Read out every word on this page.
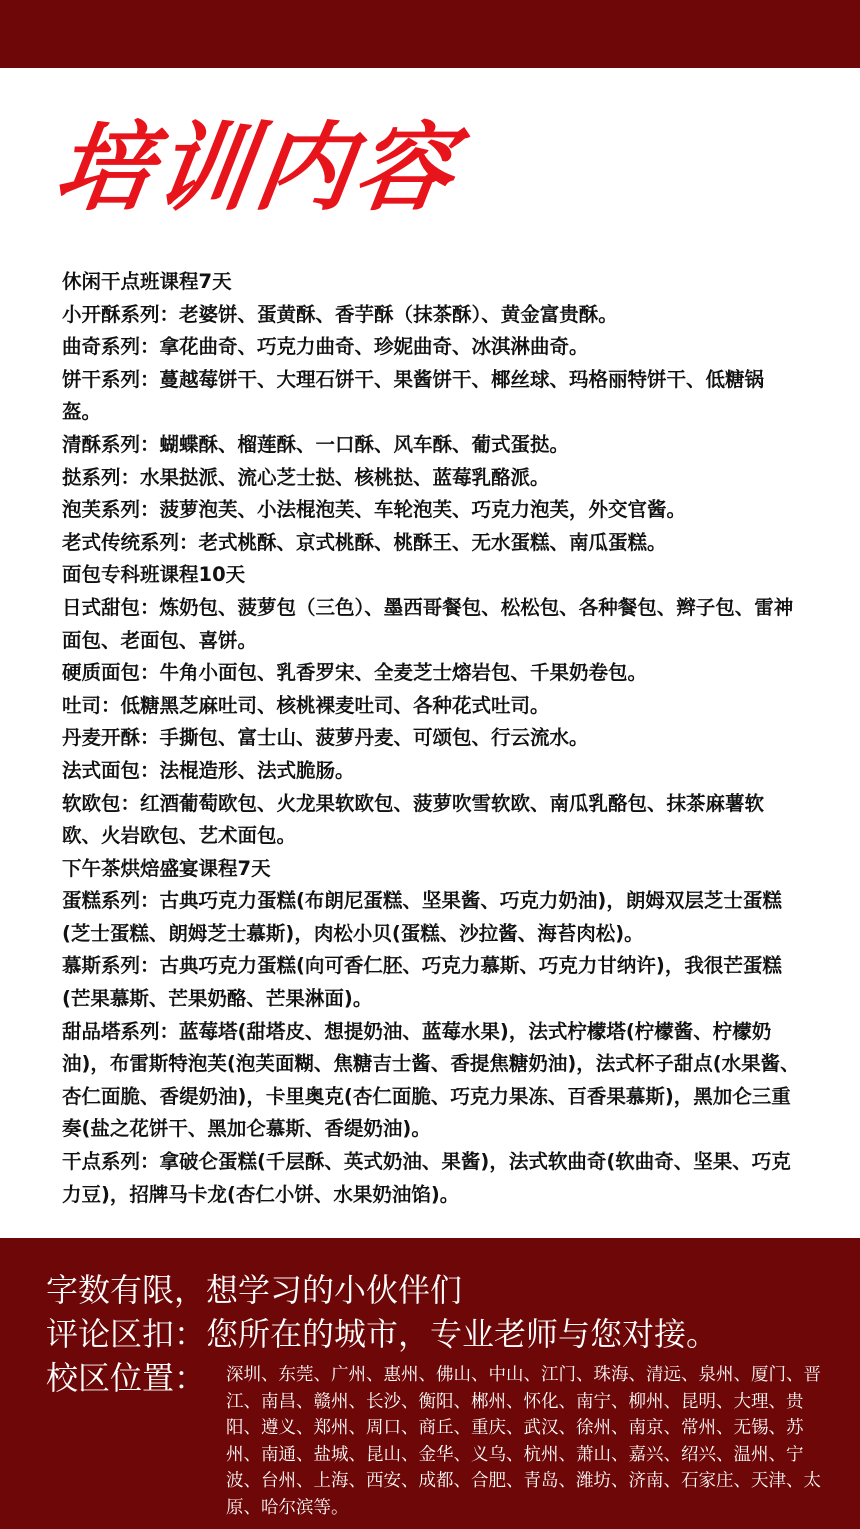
培训内容

休闲干点班课程7天

小开酥系列：老婆饼、蛋黄酥、香芋酥（抹茶酥）、黄金富贵酥。

曲奇系列：拿花曲奇、巧克力曲奇、珍妮曲奇、冰淇淋曲奇。

饼干系列：蔓越莓饼干、大理石饼干、果酱饼干、椰丝球、玛格丽特饼干、低糖锅盔。

清酥系列：蝴蝶酥、榴莲酥、一口酥、风车酥、葡式蛋挞。

挞系列：水果挞派、流心芝士挞、核桃挞、蓝莓乳酪派。

泡芙系列：菠萝泡芙、小法棍泡芙、车轮泡芙、巧克力泡芙，外交官酱。

老式传统系列：老式桃酥、京式桃酥、桃酥王、无水蛋糕、南瓜蛋糕。

面包专科班课程10天

日式甜包：炼奶包、菠萝包（三色）、墨西哥餐包、松松包、各种餐包、辫子包、雷神面包、老面包、喜饼。

硬质面包：牛角小面包、乳香罗宋、全麦芝士熔岩包、千果奶卷包。

吐司：低糖黑芝麻吐司、核桃裸麦吐司、各种花式吐司。

丹麦开酥：手撕包、富士山、菠萝丹麦、可颂包、行云流水。

法式面包：法棍造形、法式脆肠。

软欧包：红酒葡萄欧包、火龙果软欧包、菠萝吹雪软欧、南瓜乳酪包、抹茶麻薯软欧、火岩欧包、艺术面包。

下午茶烘焙盛宴课程7天

蛋糕系列：古典巧克力蛋糕(布朗尼蛋糕、坚果酱、巧克力奶油)，朗姆双层芝士蛋糕(芝士蛋糕、朗姆芝士慕斯)，肉松小贝(蛋糕、沙拉酱、海苔肉松)。

慕斯系列：古典巧克力蛋糕(向可香仁胚、巧克力慕斯、巧克力甘纳许)，我很芒蛋糕(芒果慕斯、芒果奶酪、芒果淋面)。

甜品塔系列：蓝莓塔(甜塔皮、想提奶油、蓝莓水果)，法式柠檬塔(柠檬酱、柠檬奶油)，布雷斯特泡芙(泡芙面糊、焦糖吉士酱、香提焦糖奶油)，法式杯子甜点(水果酱、杏仁面脆、香缇奶油)，卡里奥克(杏仁面脆、巧克力果冻、百香果慕斯)，黑加仑三重奏(盐之花饼干、黑加仑慕斯、香缇奶油)。

干点系列：拿破仑蛋糕(千层酥、英式奶油、果酱)，法式软曲奇(软曲奇、坚果、巧克力豆)，招牌马卡龙(杏仁小饼、水果奶油馅)。

字数有限，想学习的小伙伴们
评论区扣：您所在的城市，专业老师与您对接。
校区位置： 深圳、东莞、广州、惠州、佛山、中山、江门、珠海、清远、泉州、厦门、晋江、南昌、赣州、长沙、衡阳、郴州、怀化、南宁、柳州、昆明、大理、贵阳、遵义、郑州、周口、商丘、重庆、武汉、徐州、南京、常州、无锡、苏州、南通、盐城、昆山、金华、义乌、杭州、萧山、嘉兴、绍兴、温州、宁波、台州、上海、西安、成都、合肥、青岛、潍坊、济南、石家庄、天津、太原、哈尔滨等。
